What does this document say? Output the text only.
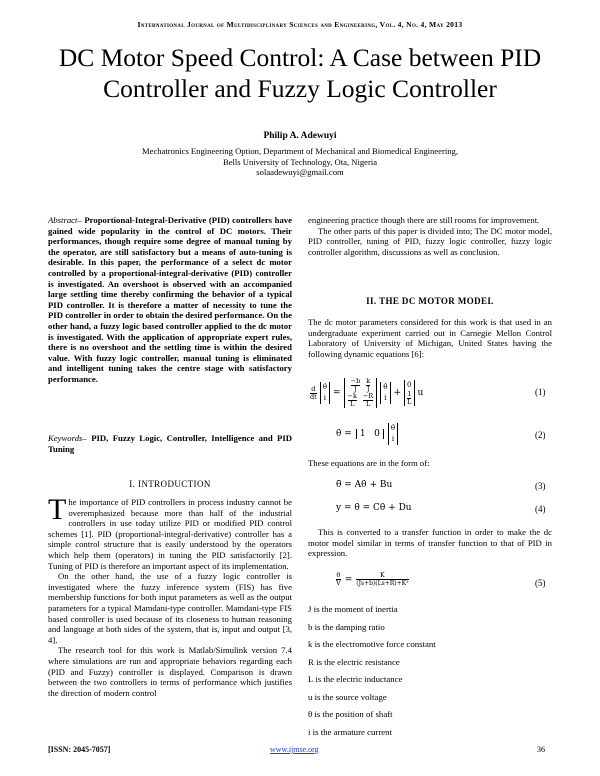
International Journal of Multidisciplinary Sciences and Engineering, Vol. 4, No. 4, May 2013
DC Motor Speed Control: A Case between PID Controller and Fuzzy Logic Controller
Philip A. Adewuyi
Mechatronics Engineering Option, Department of Mechanical and Biomedical Engineering,
Bells University of Technology, Ota, Nigeria
solaadewuyi@gmail.com
Abstract– Proportional-Integral-Derivative (PID) controllers have gained wide popularity in the control of DC motors. Their performances, though require some degree of manual tuning by the operator, are still satisfactory but a means of auto-tuning is desirable. In this paper, the performance of a select dc motor controlled by a proportional-integral-derivative (PID) controller is investigated. An overshoot is observed with an accompanied large settling time thereby confirming the behavior of a typical PID controller. It is therefore a matter of necessity to tune the PID controller in order to obtain the desired performance. On the other hand, a fuzzy logic based controller applied to the dc motor is investigated. With the application of appropriate expert rules, there is no overshoot and the settling time is within the desired value. With fuzzy logic controller, manual tuning is eliminated and intelligent tuning takes the centre stage with satisfactory performance.
Keywords– PID, Fuzzy Logic, Controller, Intelligence and PID Tuning
I. INTRODUCTION

The importance of PID controllers in process industry cannot be overemphasized because more than half of the industrial controllers in use today utilize PID or modified PID control schemes [1]. PID (proportional-integral-derivative) controller has a simple control structure that is easily understood by the operators which help them (operators) in tuning the PID satisfactorily [2]. Tuning of PID is therefore an important aspect of its implementation.

On the other hand, the use of a fuzzy logic controller is investigated where the fuzzy inference system (FIS) has five membership functions for both input parameters as well as the output parameters for a typical Mamdani-type controller. Mamdani-type FIS based controller is used because of its closeness to human reasoning and language at both sides of the system, that is, input and output [3, 4].

The research tool for this work is Matlab/Simulink version 7.4 where simulations are run and appropriate behaviors regarding each (PID and Fuzzy) controller is displayed. Comparison is drawn between the two controllers in terms of performance which justifies the direction of modern control

engineering practice though there are still rooms for improvement.

The other parts of this paper is divided into; The DC motor model, PID controller, tuning of PID, fuzzy logic controller, fuzzy logic controller algorithm, discussions as well as conclusion.

II. THE DC MOTOR MODEL
The dc motor parameters considered for this work is that used in an undergraduate experiment carried out in Carnegie Mellon Control Laboratory of University of Michigan, United States having the following dynamic equations [6]:
d
dt
θ̇
i =
−b
J
k
J
−k
L
−R
L
θ̇
i +
0
$\frac{1}{L}$ u	(1)
θ̇ = 1   0
θ̇
i	(2)
These equations are in the form of:
θ̈ = Aθ̇ + Bu	(3)
y = θ̇ = Cθ̇ + Du	(4)
This is converted to a transfer function in order to make the dc motor model similar in terms of transfer function to that of PID in expression.
$\frac{\theta}{V} = \frac{K}{\text{(Js+b)(Ls+R)+K²}}$	(5)
J is the moment of inertia
b is the damping ratio
k is the electromotive force constant
R is the electric resistance
L is the electric inductance
u is the source voltage
θ is the position of shaft
i is the armature current
[ISSN: 2045-7057]	www.ijmse.org	36
